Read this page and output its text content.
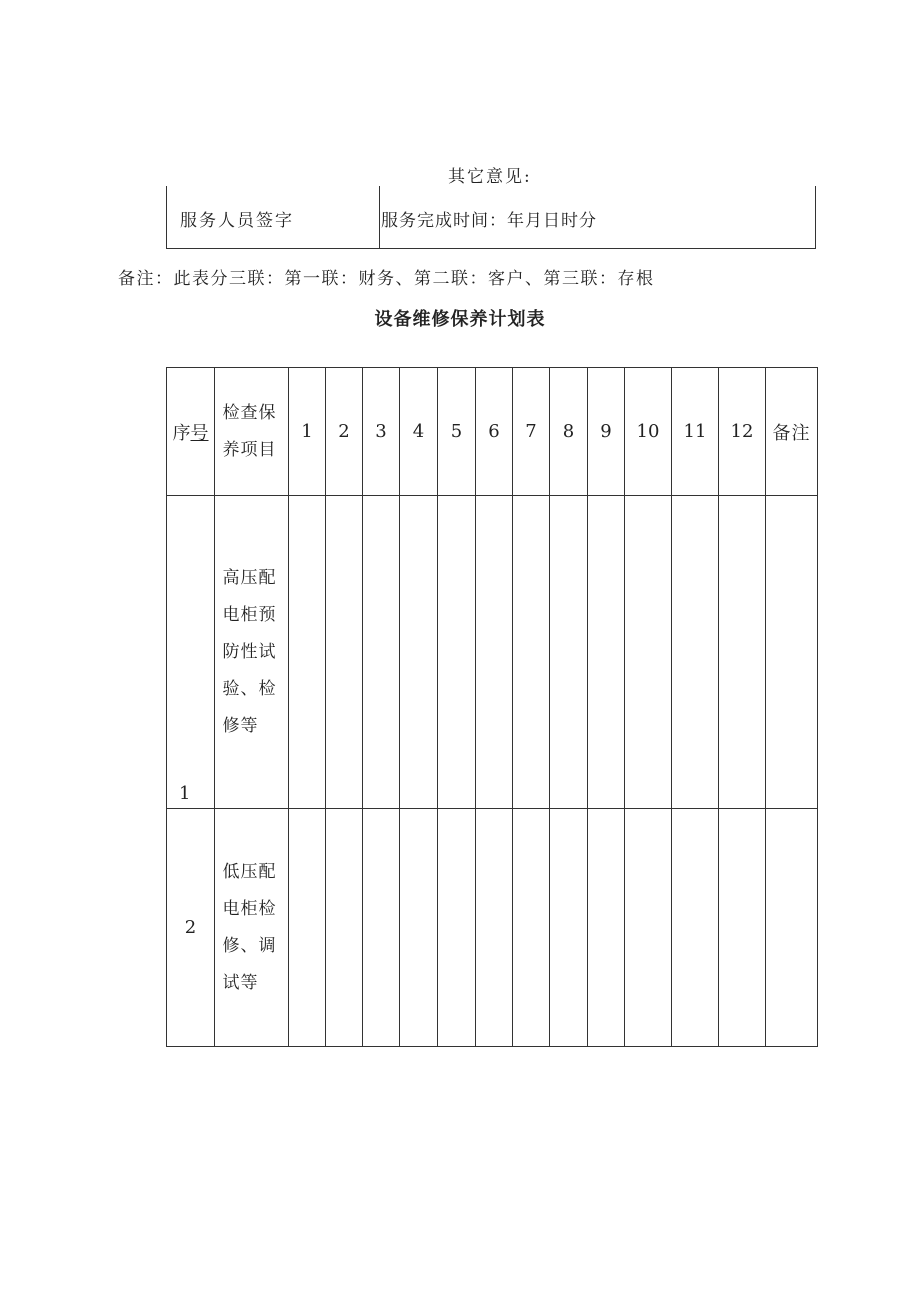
其它意见:
服务人员签字	服务完成时间：年月日时分
备注：此表分三联：第一联：财务、第二联：客户、第三联：存根
设备维修保养计划表
序号	检查保养项目	1	2	3	4	5	6	7	8	9	10	11	12	备注

1	高压配电柜预防性试验、检修等													
2	低压配电柜检修、调试等													
